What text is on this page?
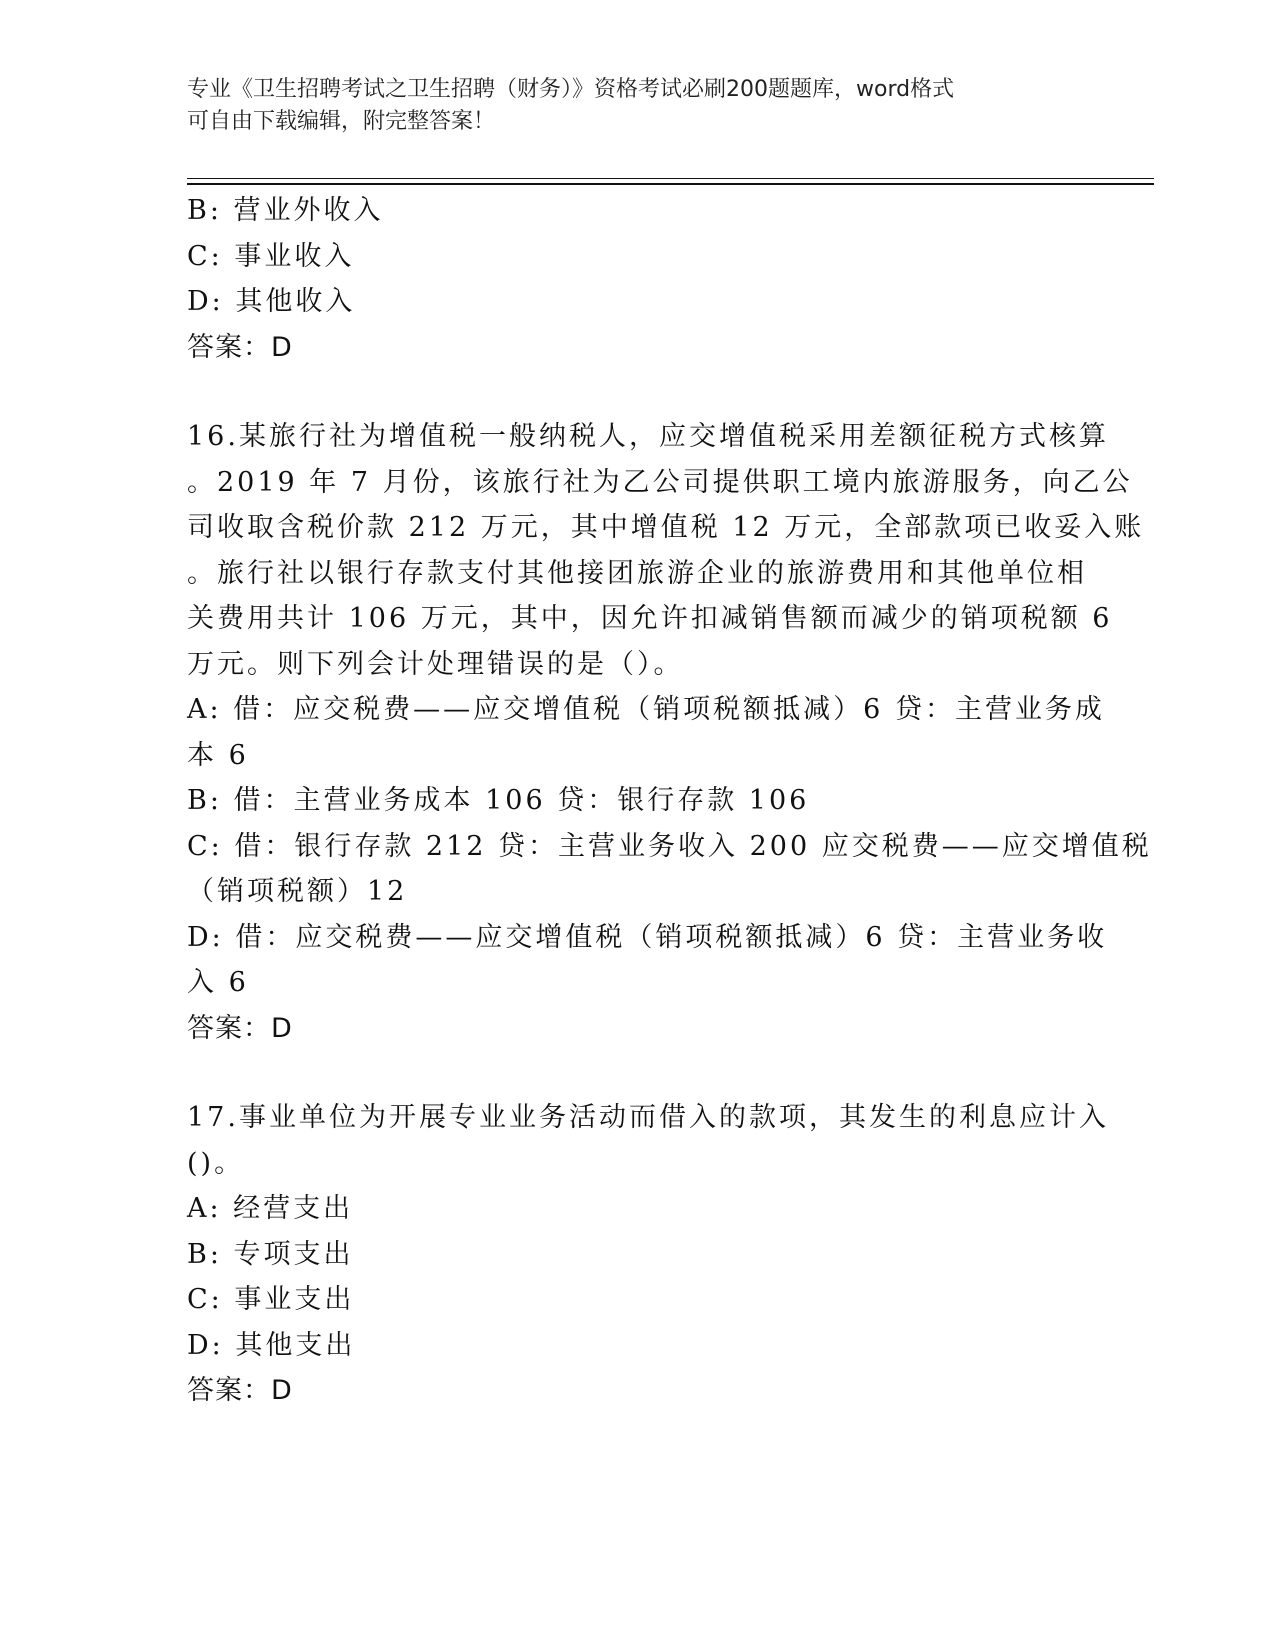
专业《卫生招聘考试之卫生招聘（财务）》资格考试必刷200题题库，word格式

可自由下载编辑，附完整答案！

B: 营业外收入

C: 事业收入

D: 其他收入

答案：D

16.某旅行社为增值税一般纳税人，应交增值税采用差额征税方式核算

。2019 年 7 月份，该旅行社为乙公司提供职工境内旅游服务，向乙公

司收取含税价款 212 万元，其中增值税 12 万元，全部款项已收妥入账

。旅行社以银行存款支付其他接团旅游企业的旅游费用和其他单位相

关费用共计 106 万元，其中，因允许扣减销售额而减少的销项税额 6

万元。则下列会计处理错误的是（）。

A: 借：应交税费——应交增值税（销项税额抵减）6 贷：主营业务成

本 6

B: 借：主营业务成本 106 贷：银行存款 106

C: 借：银行存款 212 贷：主营业务收入 200 应交税费——应交增值税

（销项税额）12

D: 借：应交税费——应交增值税（销项税额抵减）6 贷：主营业务收

入 6

答案：D

17.事业单位为开展专业业务活动而借入的款项，其发生的利息应计入

()。

A: 经营支出

B: 专项支出

C: 事业支出

D: 其他支出

答案：D
